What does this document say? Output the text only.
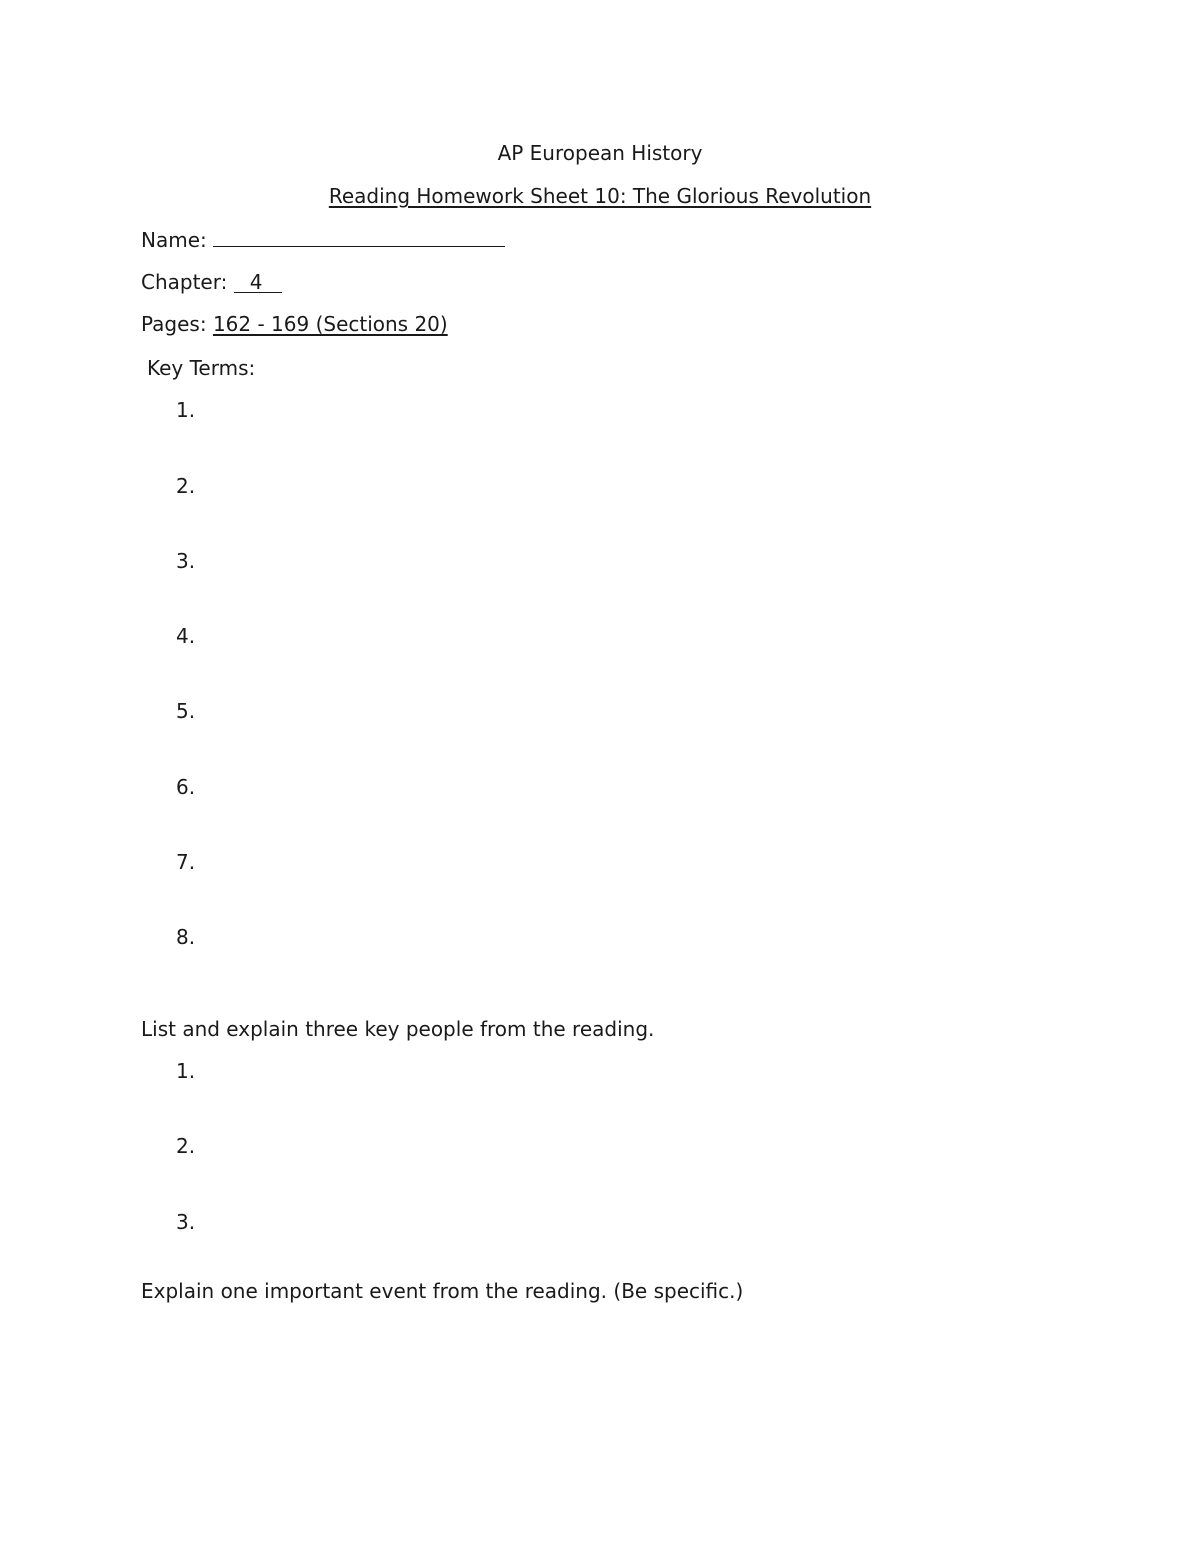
AP European History
Reading Homework Sheet 10: The Glorious Revolution
Name:
Chapter: 4
Pages: 162 - 169 (Sections 20)
Key Terms:
1.
2.
3.
4.
5.
6.
7.
8.
List and explain three key people from the reading.
1.
2.
3.
Explain one important event from the reading. (Be specific.)
